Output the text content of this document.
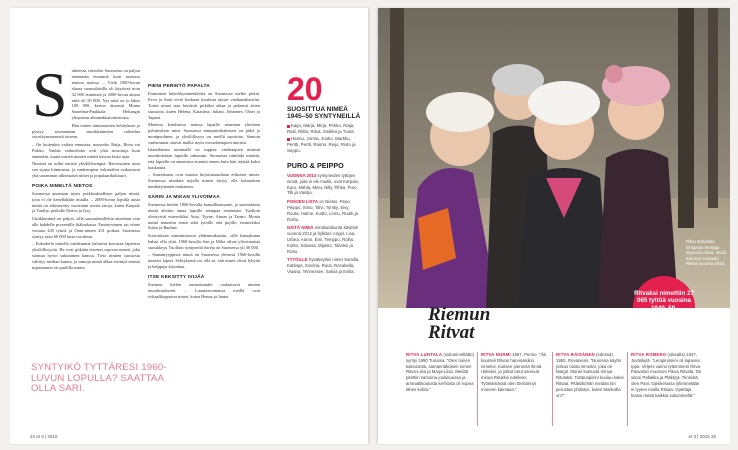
S uhteessa väestöön Suomessa on paljon enemmän etunimiä kuin monissa muissa maissa. – Vielä 1980-luvun alussa suomalaisilla oli käytössä noin 32 000 etunimeä ja 2000-luvun alussa niitä oli 50 000. Nyt niitä on jo lähes 100 000, kertoo dosentti Minna Saarelma-Paukkala Helsingin yliopiston almanakkatoimistosta.

Hän tuntee nimimuotien kehityksen ja pystyy seuraamaan suosikkinimien vaihtelua vuosikymmenestä toiseen.

– On kuitenkin vaikea ennustaa, nouseeko Raija, Ritva vai Pirkko. Vanhat vaihtoehdot ovat yhtä suosittuja kuin ennenkin, mutta uusien nimien määrä kasvaa koko ajan.

Nimistä on tullut entistä yksilöllisempiä. Harvinainen nimi sen sijaan kiinnostaa, ja vanhempien valintoihin vaikuttavat yhä useammin ulkomaiset nimet ja populaarikulttuuri.

POIKA NIMELTÄ NIETOS

Suomessa annetaan myös poikkeuksellisen paljon nimiä, joita ei ole kenelläkään muulla. – 2000-luvun lopulla uusia nimiä on rekisteröity vuosittain useita satoja, kuten Karpalo ja Vanilja, poikalle Nietos ja Jyry.

Uniikkinimiä on paljon, sillä suomalaisillekin annetaan vain alle kahdelle prosentille ikäluokasta. Emma-nimen sai viime vuonna 445 tyttöä ja Onni-nimen 431 poikaa. Suomessa syntyy noin 60 000 lasta vuodessa.

– Enkoderla nimellä vanhemmat haluavat korostaa lapsensa yksilöllisyyttä. He ovat pitkään etsineet sopivaa nimeä, joka sointuu hyvin sukunimen kanssa. Tieto nimien suosiosta välittyy median kautta, ja samoja nimiä alkaa esiintyä entistä nopeammin eri puolilla maata.

SYNTYIKÖ TYTTÄRESI 1960-LUVUN LOPULLA? SAATTAA OLLA SARI.
PIENI PERINTÖ PAPALTA

Etunimien käyttökymmeniköitä on Suomessa melko pitkiä. Eeva ja Antti eivät koskaan kuulosta täysin vanhanaikaisilta. Toiset nimet taas häviävät pitkäksi aikaa ja palaavat sitten suosioon, kuten Helena, Katariina, Juhani, Johannes, Olavi ja Tapani.

Monissa katolisissa maissa lapsille annetaan yhteinen pyhimyksen nimi. Suomessa nimipäiväkalenteri on pitkä ja monipuolinen, ja yksilöllisyys on meillä suosittua. Samoin vanhemmat ottavat mallia myös esivanhempien nimistä.

Islantilainen nimimalli on suppea: vanhempien nimistä muodostetaan lapselle sukunimi. Suomessa nimilaki määrää, että lapselle on annettava etunimi ennen kuin hän täyttää kaksi kuukautta.

– Amerikassa ovat muotia kirjoitusasultaan erikoiset nimet. Suomessa nimilain nojalla nimen täytyy olla kotimaisen nimikäytännön mukainen.

SARIN JA MIKAN YLIVOIMAA

Suomessa herätti 1800-luvulla kansallisuusaate, ja suomalaisia nimiä alettiin antaa lapsille aiempaa enemmän. Tuolloin yleistyivät esimerkiksi Aino, Tyyne, Armas ja Tarmo. Monia nimiä annettiin ensin sekä tytöille että pojille, esimerkiksi Suloa ja Rauhaa.

Sota-aikana nimeämisessä yhdenmukaistui, sillä kansakunta halusi olla yhtä. 1960-luvulla Sari ja Mika olivat ylivoimaisia suosikkeja. Tuolloin syntyneitä Sareja on Suomessa yli 30 000.

– Samantyyppisiä nimiä on Suomessa yleisesti 1960-luvulla nimetyt lapset. Selityksenä voi olla se, että nimet olivat lyhyitä ja helppoja kirjoittaa.

ITSE KEKSITTY IVIJÄÄ

Suomen kielen ominaisuudet vaikuttavat nimien muodostukseen. – Luonteenomaisia meillä ovat vokaaliloppuiset nimet, kuten Henna ja Janna.

20
SUOSITTUA NIMEÄ 1945–50 SYNTYNEILLÄ

Kaija, Marja, Mirja, Pirkko, Raija, Raili, Riitta, Ritva, Sinikka ja Tuula.

Hannu, Jorma, Jouko, Markku, Pentti, Pertti, Raimo, Reijo, Risto ja Seppo.

PURO & PEIPPO
VUONNA 2013 syntyneiden tyttöjen nimiä, joita ei ole muilla, ovat Karpalo, Kuru, Mahla, Meiu, Nilly, Pihka, Puro, Tilli ja Vanilja.
POIKIEN LISTA on Nietos, Pepo, Peippo, Simo, Talvi, Tyrsky, Sivy, Routa, Halme, Kuitto, Lemu, Ruutti ja Roihu.
NÄITÄ NIMIÄ nimilautakunta käsitteli vuonna 2012 ja hylkäsi: Angel, Lisa, Urbea, Aaron, Emi, Temppu, Roihu, Koitto, Salossa, Mijaino, Talvitso ja Roitu.
TYTÖILLE hyväksyttiin nimet Samilla, Kattinpe, Evelina, Ruuti, Rosabella, Viuana, Tennessee, Salvia ja Evilia.
24 et 3 | 2015
Ritva tarkoittaa lehtipuun herttaja riippuvia oksia. Ilmari Kiannon romaani Ritvas vuonna 1918.
Ritvaksi nimettiin 27 065 tyttöä vuosina
Riemun
Ritvat
RITVA LUHTALA (sukunimeltään) syntyi 1950 Turussa. "Olen toinen kaksosista, samannäköisen nimen Ritva-Liisa ja Marja-Liisa. Meidät pitettiin samoina joulukuussa ja ammattikoulusta kerhosta oli nopea lähes kohta."
RITVA NURMI 1957, Pernio. "Äiti kuunteli Ritvan harvinaisiksi nimeksi. Kuitsen pieneniä ihmiä Ukkeksi, ja jotkut tutut sanovat minua Ritukksi edelleen. Työelämässä olen törmännyt moneen kaimaan."
RITVA RÄISÄNEN (edessä) 1950, Rovaniemi. "Nuorena käytin joskus toista nimeäni, joka on Margit. Monet kutsuvat minua Ritulaksi. Tuttavapiirini kuuluu kaksi Ritvaa. Pitäisiköhän meidän kin perustaa yhdistys, kuten Markoilla on?"
RITVA ROMERO (oikealla) 1947, Jyväskylä. "Lempinimeni oli lapsena Ippa. Veljeni vaimo tyttönimeni Ritva Paavolan muotoon Paiva Ritvala. Tai sanoi Pallakka ja Pläkkyä. Tennistä olen Pani. Opiskelussa lyhennetään ei tyyten muilla Ritvaa. Opettaja kutsui meitä kaikkia sukunimellä."
et 3 | 2015 25
